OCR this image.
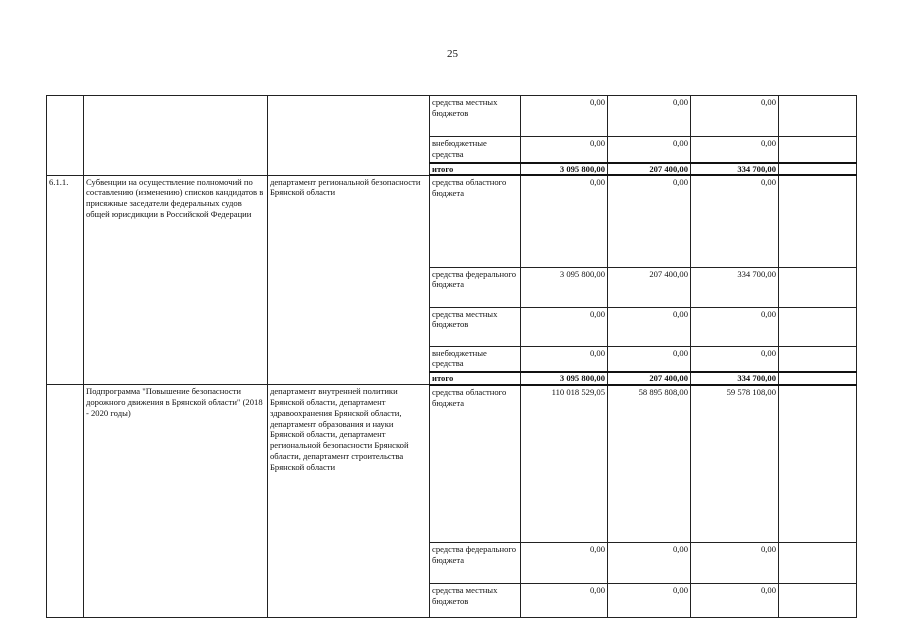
25
			средства местных бюджетов	0,00	0,00	0,00	
			внебюджетные средства	0,00	0,00	0,00	
			итого	3 095 800,00	207 400,00	334 700,00	
6.1.1.	Субвенции на осуществление полномочий по составлению (изменению) списков кандидатов в присяжные заседатели федеральных судов общей юрисдикции в Российской Федерации	департамент региональной безопасности Брянской области	средства областного бюджета	0,00	0,00	0,00	
			средства федерального бюджета	3 095 800,00	207 400,00	334 700,00	
			средства местных бюджетов	0,00	0,00	0,00	
			внебюджетные средства	0,00	0,00	0,00	
			итого	3 095 800,00	207 400,00	334 700,00	
	Подпрограмма "Повышение безопасности дорожного движения в Брянской области" (2018 - 2020 годы)	департамент внутренней политики Брянской области, департамент здравоохранения Брянской области, департамент образования и науки Брянской области, департамент региональной безопасности Брянской области, департамент строительства Брянской области	средства областного бюджета	110 018 529,05	58 895 808,00	59 578 108,00	
			средства федерального бюджета	0,00	0,00	0,00	
			средства местных бюджетов	0,00	0,00	0,00	
